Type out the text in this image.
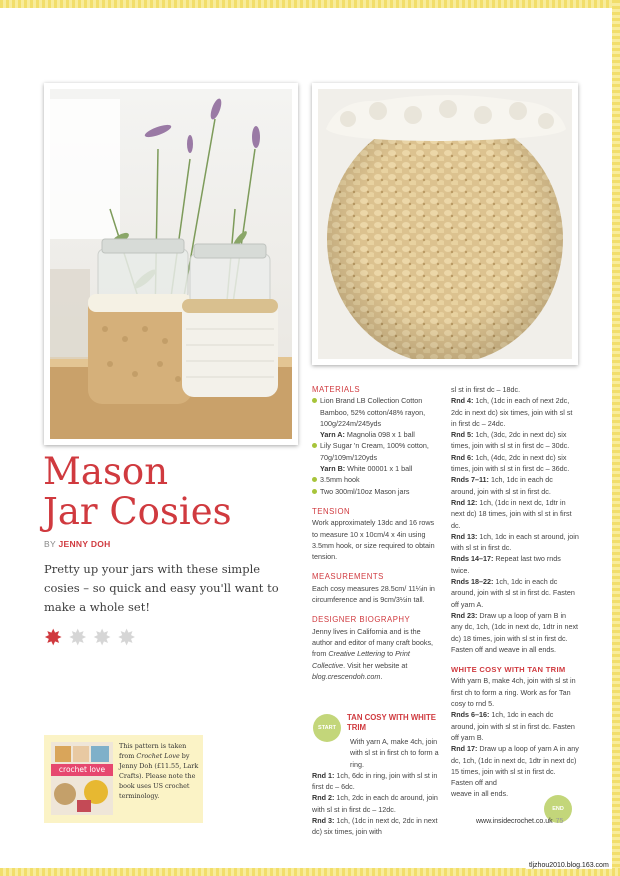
Mason
Jar Cosies
BY JENNY DOH
Pretty up your jars with these simple cosies – so quick and easy you'll want to make a whole set!
✸ ✸ ✸ ✸
crochet love
This pattern is taken from Crochet Love by Jenny Doh (£11.55, Lark Crafts). Please note the book uses US crochet terminology.

MATERIALS

Lion Brand LB Collection Cotton Bamboo, 52% cotton/48% rayon, 100g/224m/245yds

Yarn A: Magnolia 098 x 1 ball

Lily Sugar 'n Cream, 100% cotton, 70g/109m/120yds

Yarn B: White 00001 x 1 ball

3.5mm hook

Two 300ml/10oz Mason jars

TENSION

Work approximately 13dc and 16 rows to measure 10 x 10cm/4 x 4in using 3.5mm hook, or size required to obtain tension.

MEASUREMENTS

Each cosy measures 28.5cm/ 11¼in in circumference and is 9cm/3½in tall.

DESIGNER BIOGRAPHY

Jenny lives in California and is the author and editor of many craft books, from Creative Lettering to Print Collective. Visit her website at blog.crescendoh.com.

START
TAN COSY WITH WHITE TRIM

With yarn A, make 4ch, join with sl st in first ch to form a ring.

Rnd 1: 1ch, 6dc in ring, join with sl st in first dc – 6dc.

Rnd 2: 1ch, 2dc in each dc around, join with sl st in first dc – 12dc.

Rnd 3: 1ch, (1dc in next dc, 2dc in next dc) six times, join with

sl st in first dc – 18dc.

Rnd 4: 1ch, (1dc in each of next 2dc, 2dc in next dc) six times, join with sl st in first dc – 24dc.

Rnd 5: 1ch, (3dc, 2dc in next dc) six times, join with sl st in first dc – 30dc.

Rnd 6: 1ch, (4dc, 2dc in next dc) six times, join with sl st in first dc – 36dc.

Rnds 7–11: 1ch, 1dc in each dc around, join with sl st in first dc.

Rnd 12: 1ch, (1dc in next dc, 1dtr in next dc) 18 times, join with sl st in first dc.

Rnd 13: 1ch, 1dc in each st around, join with sl st in first dc.

Rnds 14–17: Repeat last two rnds twice.

Rnds 18–22: 1ch, 1dc in each dc around, join with sl st in first dc. Fasten off yarn A.

Rnd 23: Draw up a loop of yarn B in any dc, 1ch, (1dc in next dc, 1dtr in next dc) 18 times, join with sl st in first dc.

Fasten off and weave in all ends.

WHITE COSY WITH TAN TRIM

With yarn B, make 4ch, join with sl st in first ch to form a ring. Work as for Tan cosy to rnd 5.

Rnds 6–16: 1ch, 1dc in each dc around, join with sl st in first dc. Fasten off yarn B.

Rnd 17: Draw up a loop of yarn A in any dc, 1ch, (1dc in next dc, 1dtr in next dc) 15 times, join with sl st in first dc.

Fasten off and

weave in all ends.

END
www.insidecrochet.co.uk 75
tljzhou2010.blog.163.com
